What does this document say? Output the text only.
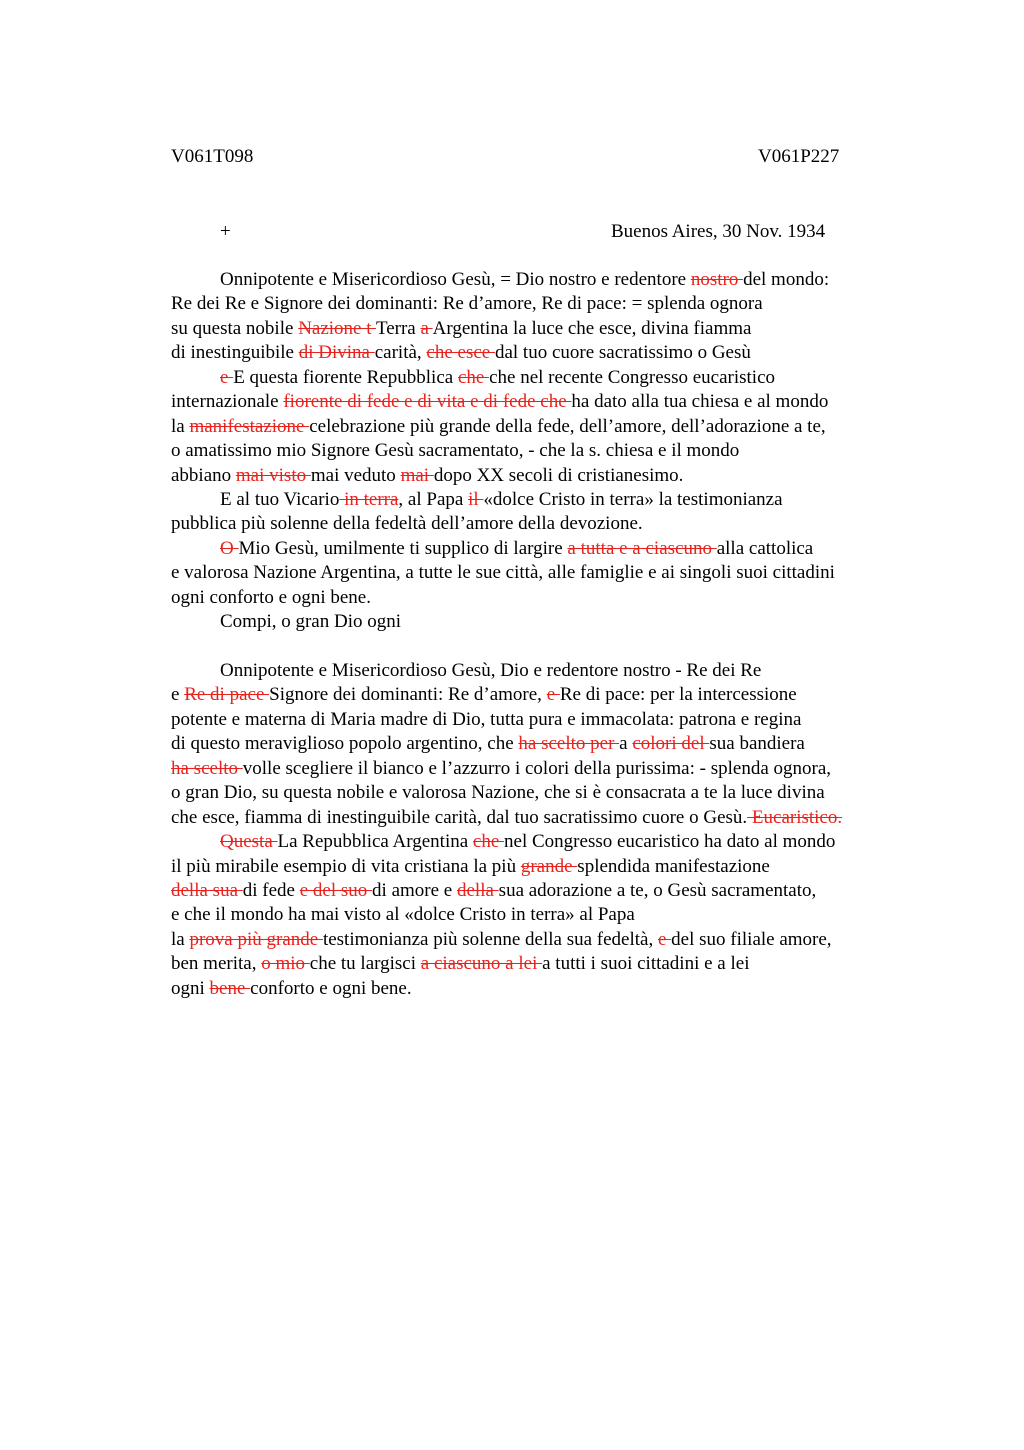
V061T098	V061P227
+	Buenos Aires, 30 Nov. 1934
Onnipotente e Misericordioso Gesù, = Dio nostro e redentore nostro del mondo:
Re dei Re e Signore dei dominanti: Re d’amore, Re di pace: = splenda ognora
su questa nobile Nazione t Terra a Argentina la luce che esce, divina fiamma
di inestinguibile di Divina carità, che esce dal tuo cuore sacratissimo o Gesù
e E questa fiorente Repubblica che che nel recente Congresso eucaristico
internazionale fiorente di fede e di vita e di fede che ha dato alla tua chiesa e al mondo
la manifestazione celebrazione più grande della fede, dell’amore, dell’adorazione a te,
o amatissimo mio Signore Gesù sacramentato, - che la s. chiesa e il mondo
abbiano mai visto mai veduto mai dopo XX secoli di cristianesimo.
E al tuo Vicario in terra, al Papa il «dolce Cristo in terra» la testimonianza
pubblica più solenne della fedeltà dell’amore della devozione.
O Mio Gesù, umilmente ti supplico di largire a tutta e a ciascuno alla cattolica
e valorosa Nazione Argentina, a tutte le sue città, alle famiglie e ai singoli suoi cittadini
ogni conforto e ogni bene.
Compi, o gran Dio ogni
Onnipotente e Misericordioso Gesù, Dio e redentore nostro - Re dei Re
e Re di pace Signore dei dominanti: Re d’amore, e Re di pace: per la intercessione
potente e materna di Maria madre di Dio, tutta pura e immacolata: patrona e regina
di questo meraviglioso popolo argentino, che ha scelto per a colori del sua bandiera
ha scelto volle scegliere il bianco e l’azzurro i colori della purissima: - splenda ognora,
o gran Dio, su questa nobile e valorosa Nazione, che si è consacrata a te la luce divina
che esce, fiamma di inestinguibile carità, dal tuo sacratissimo cuore o Gesù. Eucaristico.
Questa La Repubblica Argentina che nel Congresso eucaristico ha dato al mondo
il più mirabile esempio di vita cristiana la più grande splendida manifestazione
della sua di fede e del suo di amore e della sua adorazione a te, o Gesù sacramentato,
e che il mondo ha mai visto al «dolce Cristo in terra» al Papa
la prova più grande testimonianza più solenne della sua fedeltà, e del suo filiale amore,
ben merita, o mio che tu largisci a ciascuno a lei a tutti i suoi cittadini e a lei
ogni bene conforto e ogni bene.
